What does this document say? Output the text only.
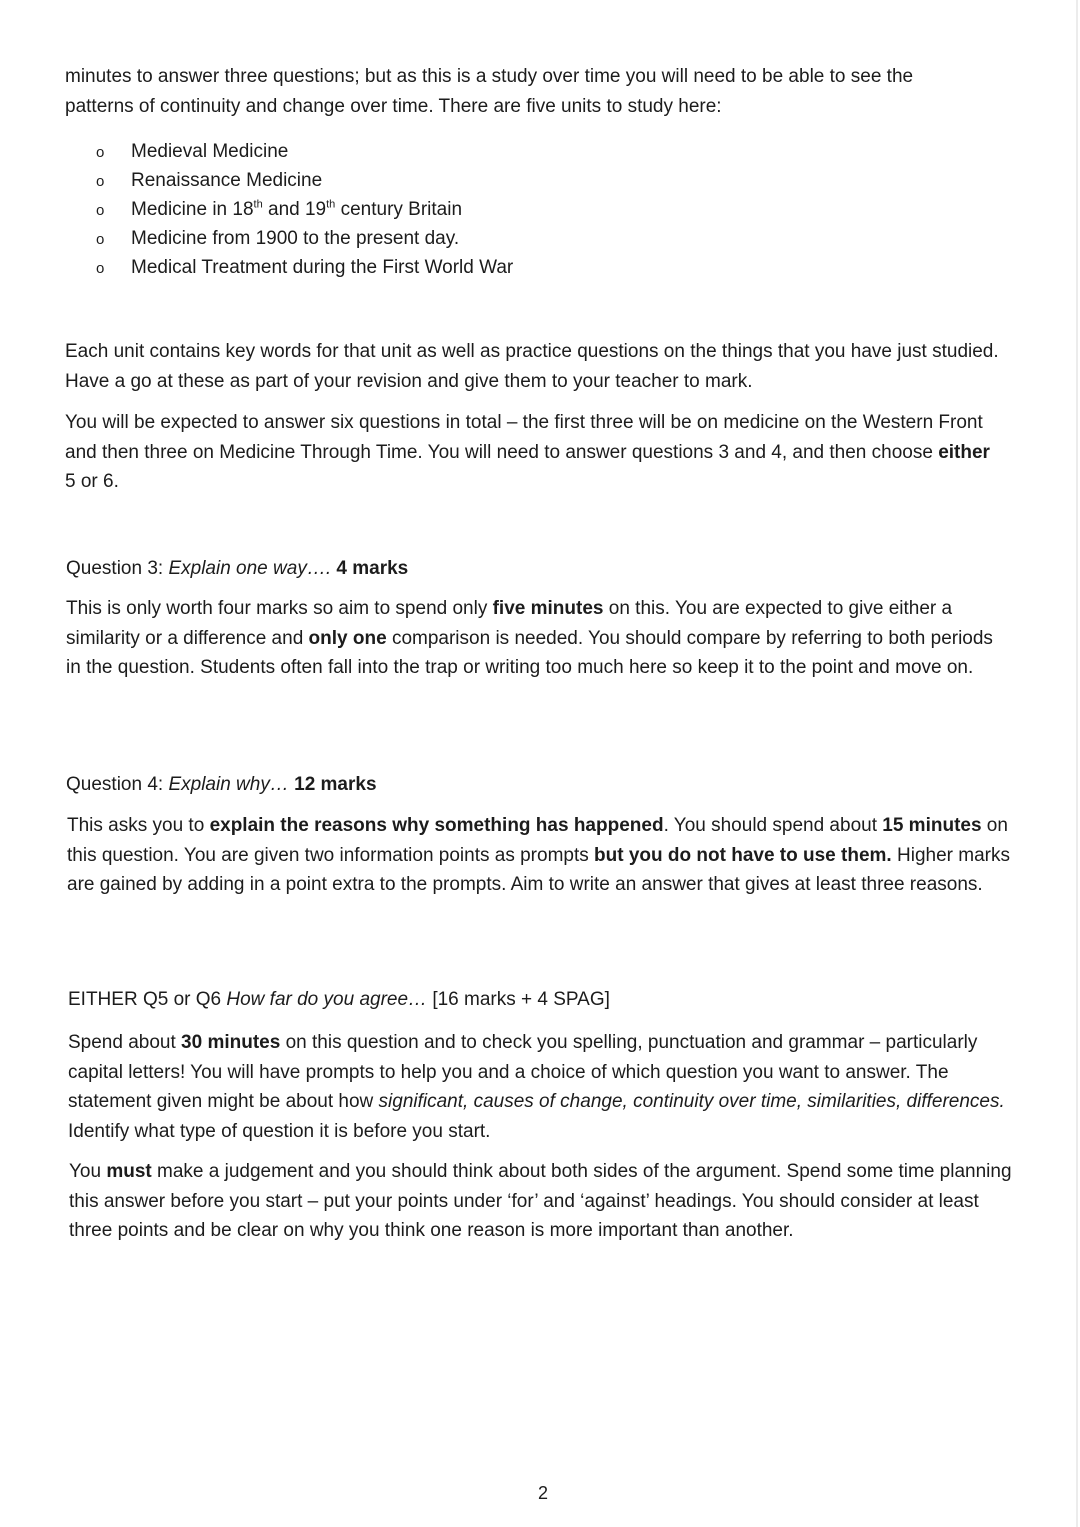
minutes to answer three questions; but as this is a study over time you will need to be able to see the
patterns of continuity and change over time. There are five units to study here:

o Medieval Medicine
o Renaissance Medicine
o Medicine in 18th and 19th century Britain
o Medicine from 1900 to the present day.
o Medical Treatment during the First World War

Each unit contains key words for that unit as well as practice questions on the things that you have just studied. Have a go at these as part of your revision and give them to your teacher to mark.

You will be expected to answer six questions in total – the first three will be on medicine on the Western Front and then three on Medicine Through Time. You will need to answer questions 3 and 4, and then choose either 5 or 6.

Question 3: Explain one way…. 4 marks

This is only worth four marks so aim to spend only five minutes on this. You are expected to give either a similarity or a difference and only one comparison is needed. You should compare by referring to both periods in the question. Students often fall into the trap or writing too much here so keep it to the point and move on.

Question 4: Explain why… 12 marks

This asks you to explain the reasons why something has happened. You should spend about 15 minutes on this question. You are given two information points as prompts but you do not have to use them. Higher marks are gained by adding in a point extra to the prompts. Aim to write an answer that gives at least three reasons.

EITHER Q5 or Q6 How far do you agree… [16 marks + 4 SPAG]

Spend about 30 minutes on this question and to check you spelling, punctuation and grammar – particularly capital letters! You will have prompts to help you and a choice of which question you want to answer. The statement given might be about how significant, causes of change, continuity over time, similarities, differences. Identify what type of question it is before you start.

You must make a judgement and you should think about both sides of the argument. Spend some time planning this answer before you start – put your points under ‘for’ and ‘against’ headings. You should consider at least three points and be clear on why you think one reason is more important than another.

2
